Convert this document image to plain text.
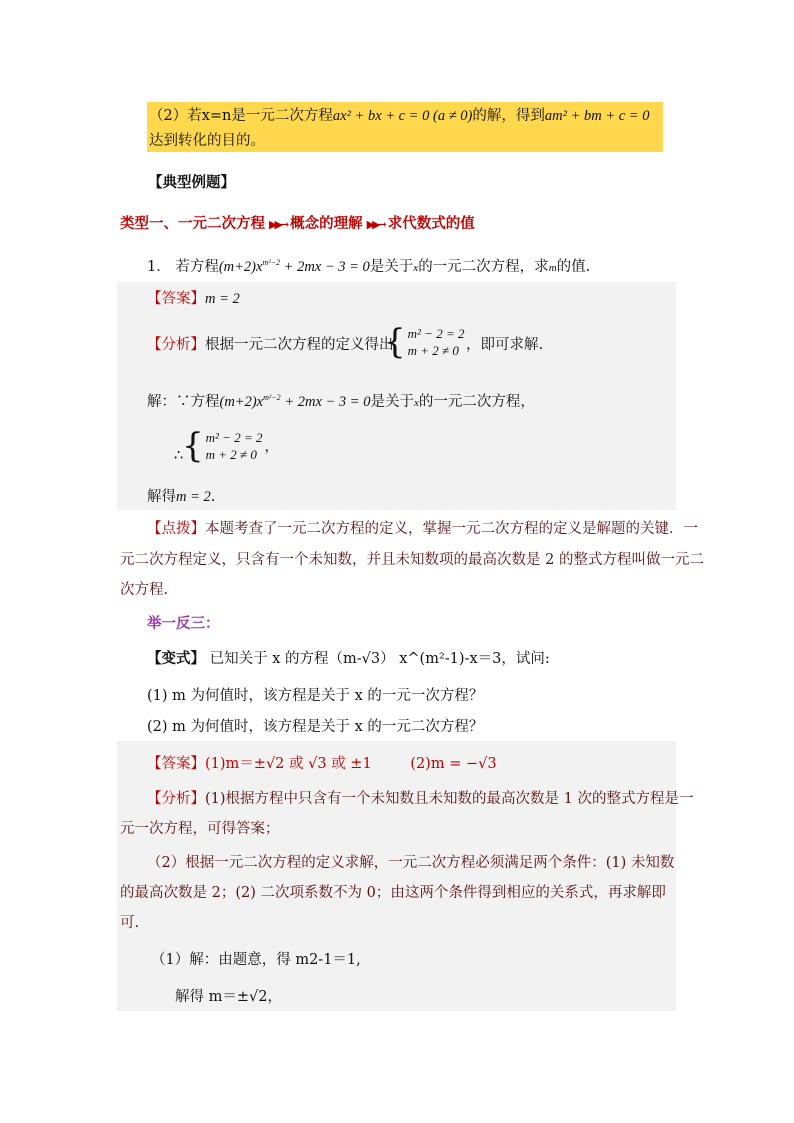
（2）若x=n是一元二次方程ax² + bx + c = 0 (a ≠ 0)的解，得到am² + bm + c = 0
达到转化的目的。
【典型例题】
类型一、一元二次方程 ▶▶→ 概念的理解 ▶▶→ 求代数式的值
1． 若方程$(m+2)x^{m^2-2} + 2mx - 3 = 0$是关于x的一元二次方程，求m的值.
【答案】m = 2
【分析】根据一元二次方程的定义得出
{ m² − 2 = 2
m + 2 ≠ 0 ，即可求解.
解：∵方程$(m+2)x^{m^2-2} + 2mx - 3 = 0$是关于x的一元二次方程，
∴
{ m² − 2 = 2
m + 2 ≠ 0 ，
解得m = 2.
【点拨】本题考查了一元二次方程的定义，掌握一元二次方程的定义是解题的关键．一
元二次方程定义，只含有一个未知数，并且未知数项的最高次数是 2 的整式方程叫做一元二
次方程.
举一反三：
【变式】 已知关于 x 的方程（m-√3） x^(m²-1)-x＝3，试问:
(1) m 为何值时，该方程是关于 x 的一元一次方程？
(2) m 为何值时，该方程是关于 x 的一元二次方程？
【答案】(1)m＝±√2 或 √3 或 ±1	(2)m = −√3
【分析】(1)根据方程中只含有一个未知数且未知数的最高次数是 1 次的整式方程是一
元一次方程，可得答案；
（2）根据一元二次方程的定义求解，一元二次方程必须满足两个条件：(1) 未知数
的最高次数是 2；(2) 二次项系数不为 0；由这两个条件得到相应的关系式，再求解即
可.
（1）解：由题意，得 m2-1＝1,
解得 m＝±√2，
